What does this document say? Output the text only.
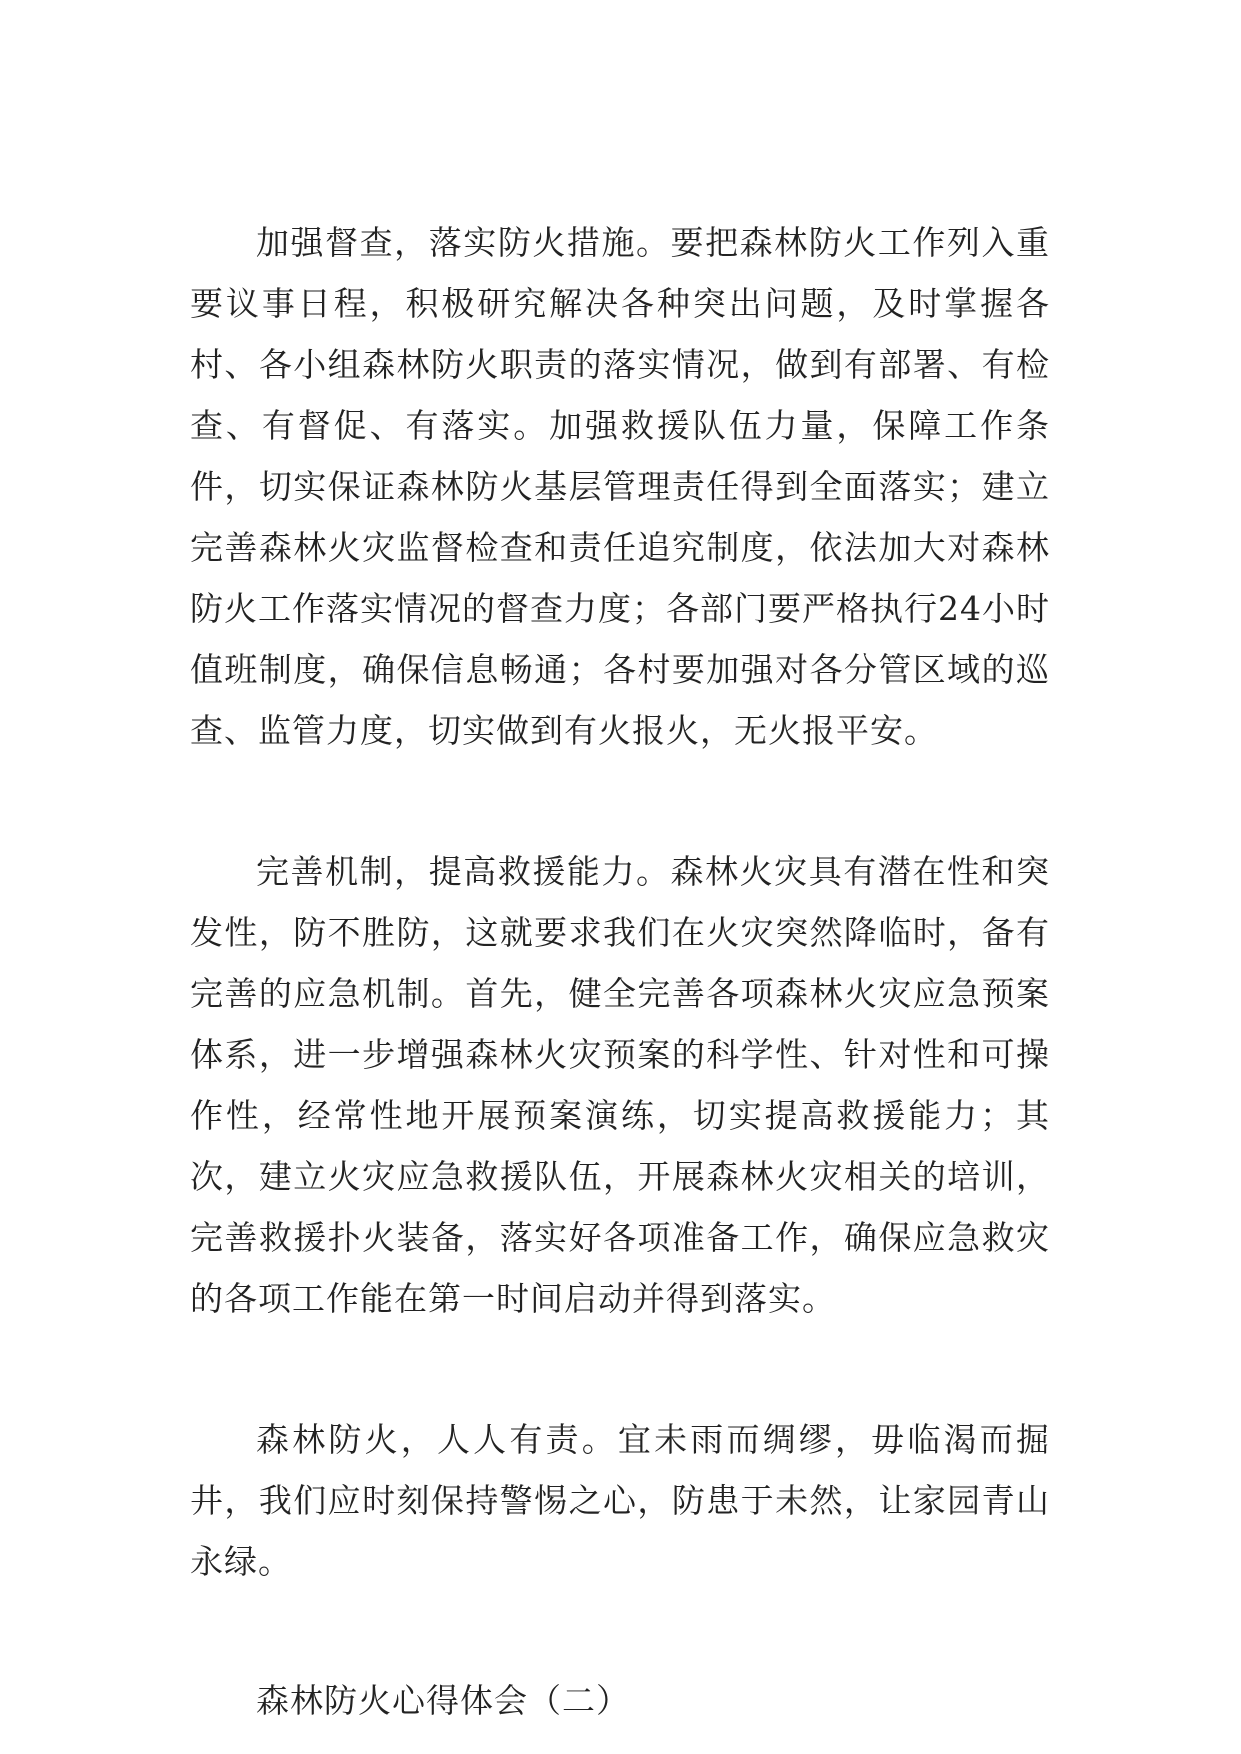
加强督查，落实防火措施。要把森林防火工作列入重要议事日程，积极研究解决各种突出问题，及时掌握各村、各小组森林防火职责的落实情况，做到有部署、有检查、有督促、有落实。加强救援队伍力量，保障工作条件，切实保证森林防火基层管理责任得到全面落实；建立完善森林火灾监督检查和责任追究制度，依法加大对森林防火工作落实情况的督查力度；各部门要严格执行24小时值班制度，确保信息畅通；各村要加强对各分管区域的巡查、监管力度，切实做到有火报火，无火报平安。

完善机制，提高救援能力。森林火灾具有潜在性和突发性，防不胜防，这就要求我们在火灾突然降临时，备有完善的应急机制。首先，健全完善各项森林火灾应急预案体系，进一步增强森林火灾预案的科学性、针对性和可操作性，经常性地开展预案演练，切实提高救援能力；其次，建立火灾应急救援队伍，开展森林火灾相关的培训，完善救援扑火装备，落实好各项准备工作，确保应急救灾的各项工作能在第一时间启动并得到落实。

森林防火，人人有责。宜未雨而绸缪，毋临渴而掘井，我们应时刻保持警惕之心，防患于未然，让家园青山永绿。

森林防火心得体会（二）
